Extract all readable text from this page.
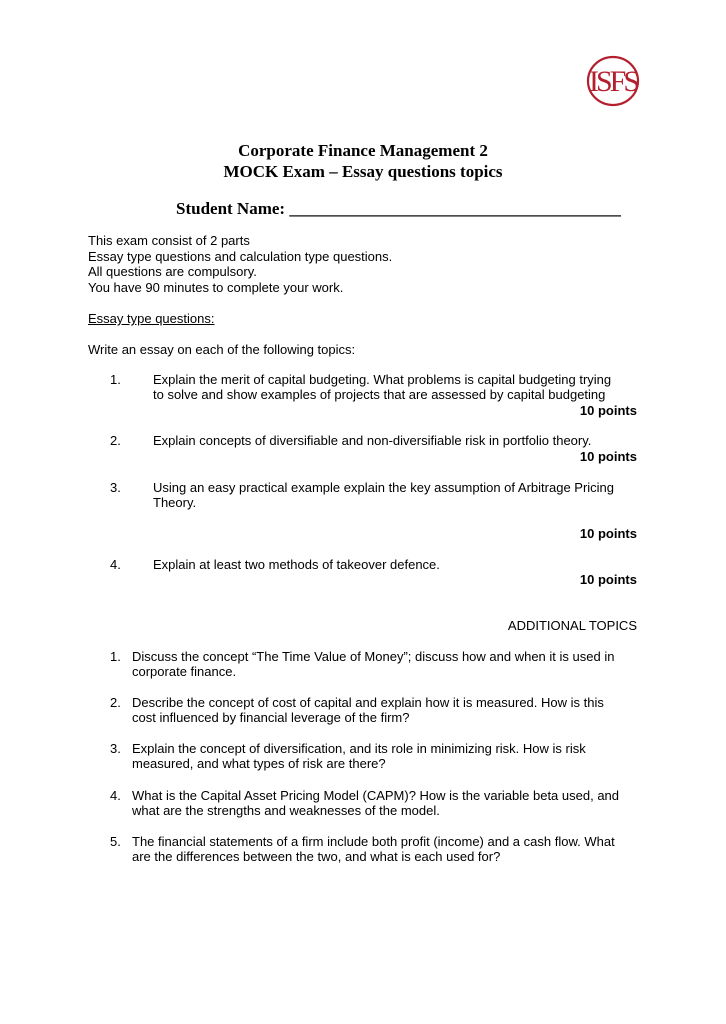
ISFS
Corporate Finance Management 2
MOCK Exam – Essay questions topics
Student Name: _______________________________________
This exam consist of 2 parts
Essay type questions and calculation type questions.
All questions are compulsory.
You have 90 minutes to complete your work.
Essay type questions:
Write an essay on each of the following topics:
1. Explain the merit of capital budgeting. What problems is capital budgeting trying
to solve and show examples of projects that are assessed by capital budgeting
10 points
2. Explain concepts of diversifiable and non-diversifiable risk in portfolio theory.
10 points
3. Using an easy practical example explain the key assumption of Arbitrage Pricing
Theory.
10 points
4. Explain at least two methods of takeover defence.
10 points
ADDITIONAL TOPICS
1. Discuss the concept “The Time Value of Money”; discuss how and when it is used in
corporate finance.
2. Describe the concept of cost of capital and explain how it is measured. How is this
cost influenced by financial leverage of the firm?
3. Explain the concept of diversification, and its role in minimizing risk. How is risk
measured, and what types of risk are there?
4. What is the Capital Asset Pricing Model (CAPM)? How is the variable beta used, and
what are the strengths and weaknesses of the model.
5. The financial statements of a firm include both profit (income) and a cash flow. What
are the differences between the two, and what is each used for?
